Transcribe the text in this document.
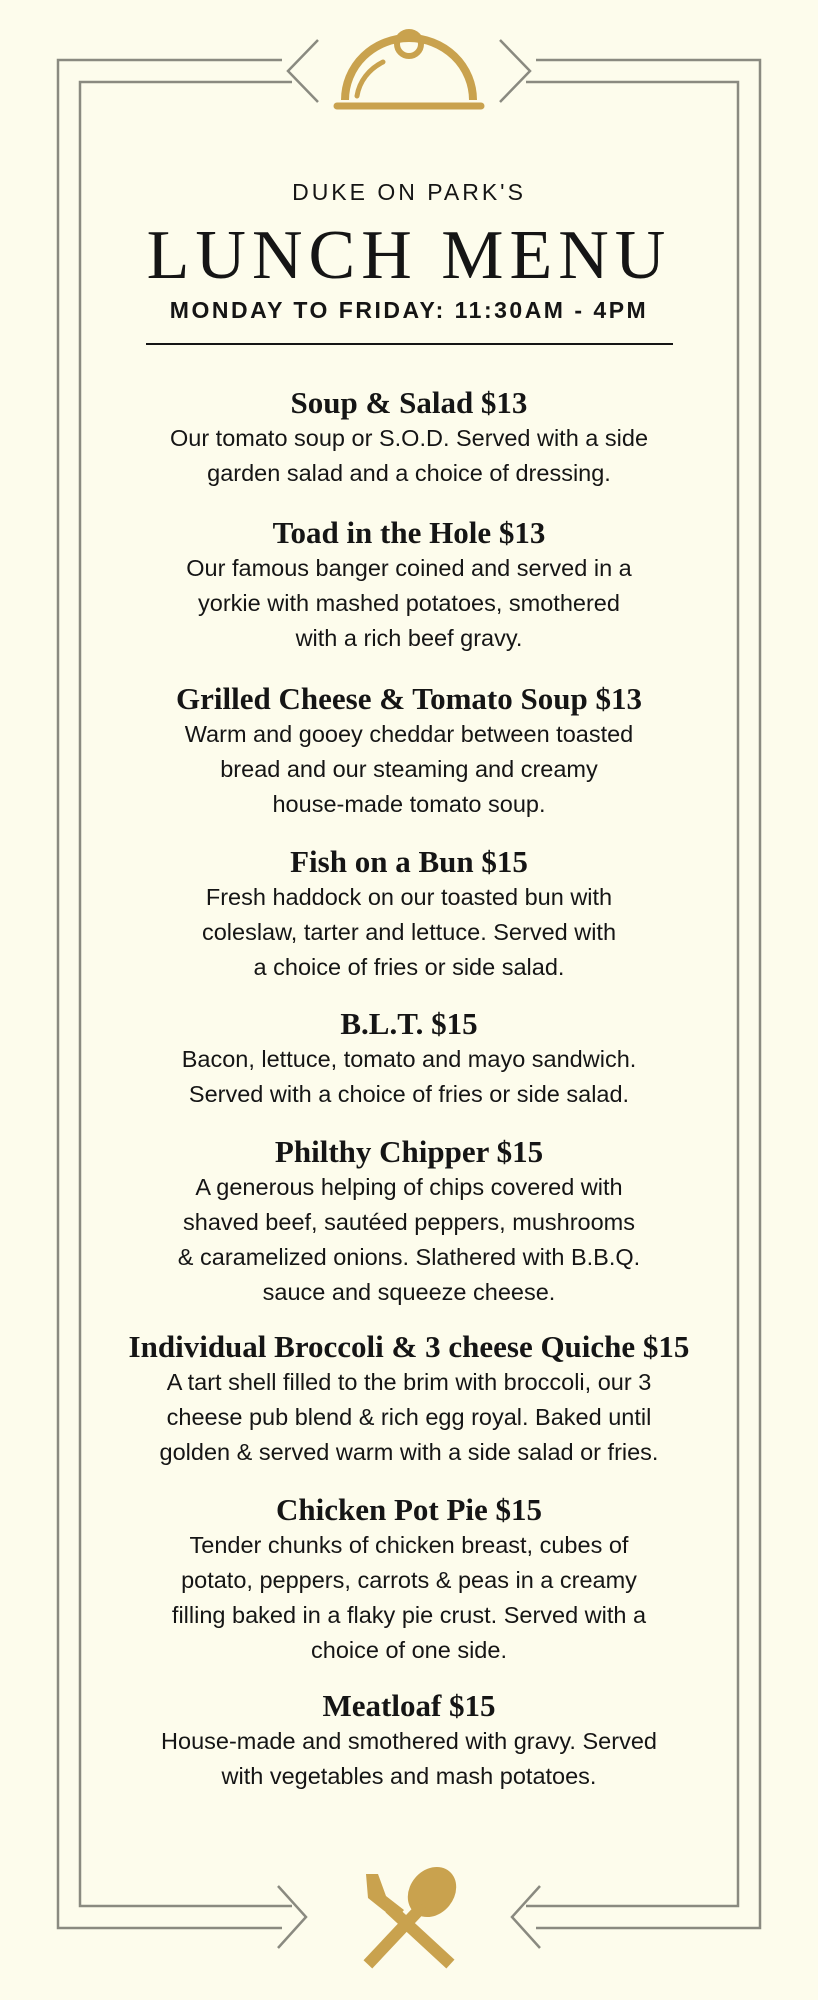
DUKE ON PARK'S
LUNCH MENU
MONDAY TO FRIDAY: 11:30AM - 4PM
Soup & Salad $13
Our tomato soup or S.O.D. Served with a side
garden salad and a choice of dressing.
Toad in the Hole $13
Our famous banger coined and served in a
yorkie with mashed potatoes, smothered
with a rich beef gravy.
Grilled Cheese & Tomato Soup $13
Warm and gooey cheddar between toasted
bread and our steaming and creamy
house-made tomato soup.
Fish on a Bun $15
Fresh haddock on our toasted bun with
coleslaw, tarter and lettuce. Served with
a choice of fries or side salad.
B.L.T. $15
Bacon, lettuce, tomato and mayo sandwich.
Served with a choice of fries or side salad.
Philthy Chipper $15
A generous helping of chips covered with
shaved beef, sautéed peppers, mushrooms
& caramelized onions. Slathered with B.B.Q.
sauce and squeeze cheese.
Individual Broccoli & 3 cheese Quiche $15
A tart shell filled to the brim with broccoli, our 3
cheese pub blend & rich egg royal. Baked until
golden & served warm with a side salad or fries.
Chicken Pot Pie $15
Tender chunks of chicken breast, cubes of
potato, peppers, carrots & peas in a creamy
filling baked in a flaky pie crust. Served with a
choice of one side.
Meatloaf $15
House-made and smothered with gravy. Served
with vegetables and mash potatoes.
